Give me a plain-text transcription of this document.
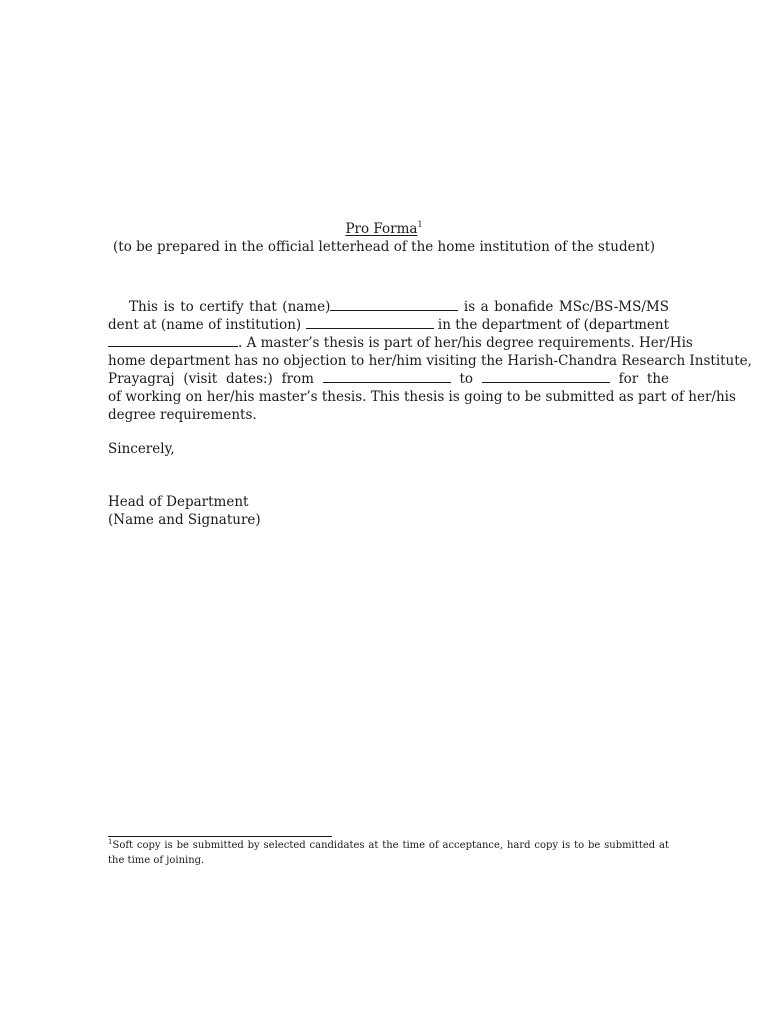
Pro Forma$^1$
(to be prepared in the official letterhead of the home institution of the student)
This is to certify that (name)	is a bonafide MSc/BS-MS/MS
dent at (name of institution)	in the department of (department
. A master’s thesis is part of her/his degree requirements. Her/His
home department has no objection to her/him visiting the Harish-Chandra Research Institute,
Prayagraj (visit dates:) from	to	for the
of working on her/his master’s thesis. This thesis is going to be submitted as part of her/his
degree requirements.
Sincerely,
Head of Department
(Name and Signature)
$^1$Soft copy is be submitted by selected candidates at the time of acceptance, hard copy is to be submitted at
the time of joining.
